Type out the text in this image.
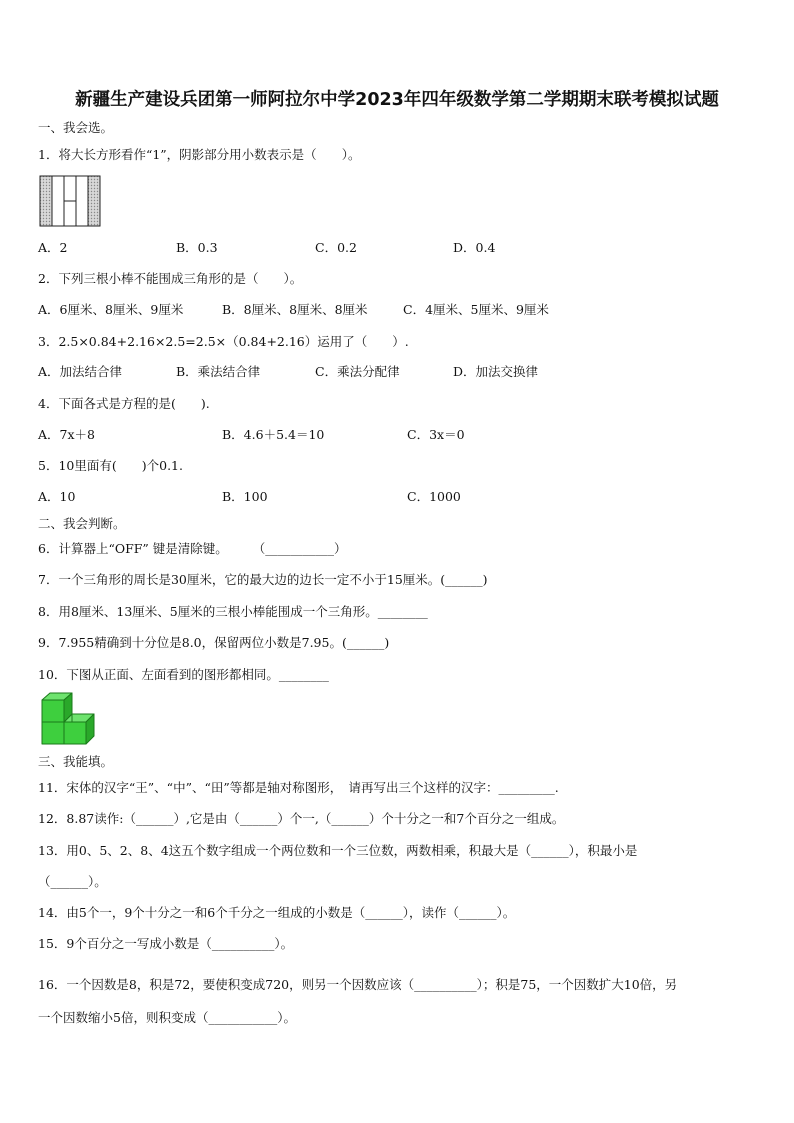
新疆生产建设兵团第一师阿拉尔中学2023年四年级数学第二学期期末联考模拟试题
一、我会选。
1．将大长方形看作“1”，阴影部分用小数表示是（　　）。
A．2	B．0.3	C．0.2	D．0.4
2．下列三根小棒不能围成三角形的是（　　）。
A．6厘米、8厘米、9厘米	B．8厘米、8厘米、8厘米	C．4厘米、5厘米、9厘米
3．2.5×0.84+2.16×2.5=2.5×（0.84+2.16）运用了（　　）.
A．加法结合律	B．乘法结合律	C．乘法分配律	D．加法交换律
4．下面各式是方程的是(　　).
A．7x＋8	B．4.6＋5.4＝10	C．3x＝0
5．10里面有(　　)个0.1.
A．10	B．100	C．1000
二、我会判断。
6．计算器上“OFF” 键是清除键。　　　（___________）
7．一个三角形的周长是30厘米，它的最大边的边长一定不小于15厘米。(______)
8．用8厘米、13厘米、5厘米的三根小棒能围成一个三角形。________
9．7.955精确到十分位是8.0，保留两位小数是7.95。(______)
10．下图从正面、左面看到的图形都相同。________
三、我能填。
11．宋体的汉字“王”、“中”、“田”等都是轴对称图形，　请再写出三个这样的汉字：_________.
12．8.87读作:（______）,它是由（______）个一,（______）个十分之一和7个百分之一组成。
13．用0、5、2、8、4这五个数字组成一个两位数和一个三位数，两数相乘，积最大是（______），积最小是
（______）。
14．由5个一，9个十分之一和6个千分之一组成的小数是（______），读作（______）。
15．9个百分之一写成小数是（__________）。
16．一个因数是8，积是72，要使积变成720，则另一个因数应该（__________）；积是75，一个因数扩大10倍，另
一个因数缩小5倍，则积变成（___________）。
